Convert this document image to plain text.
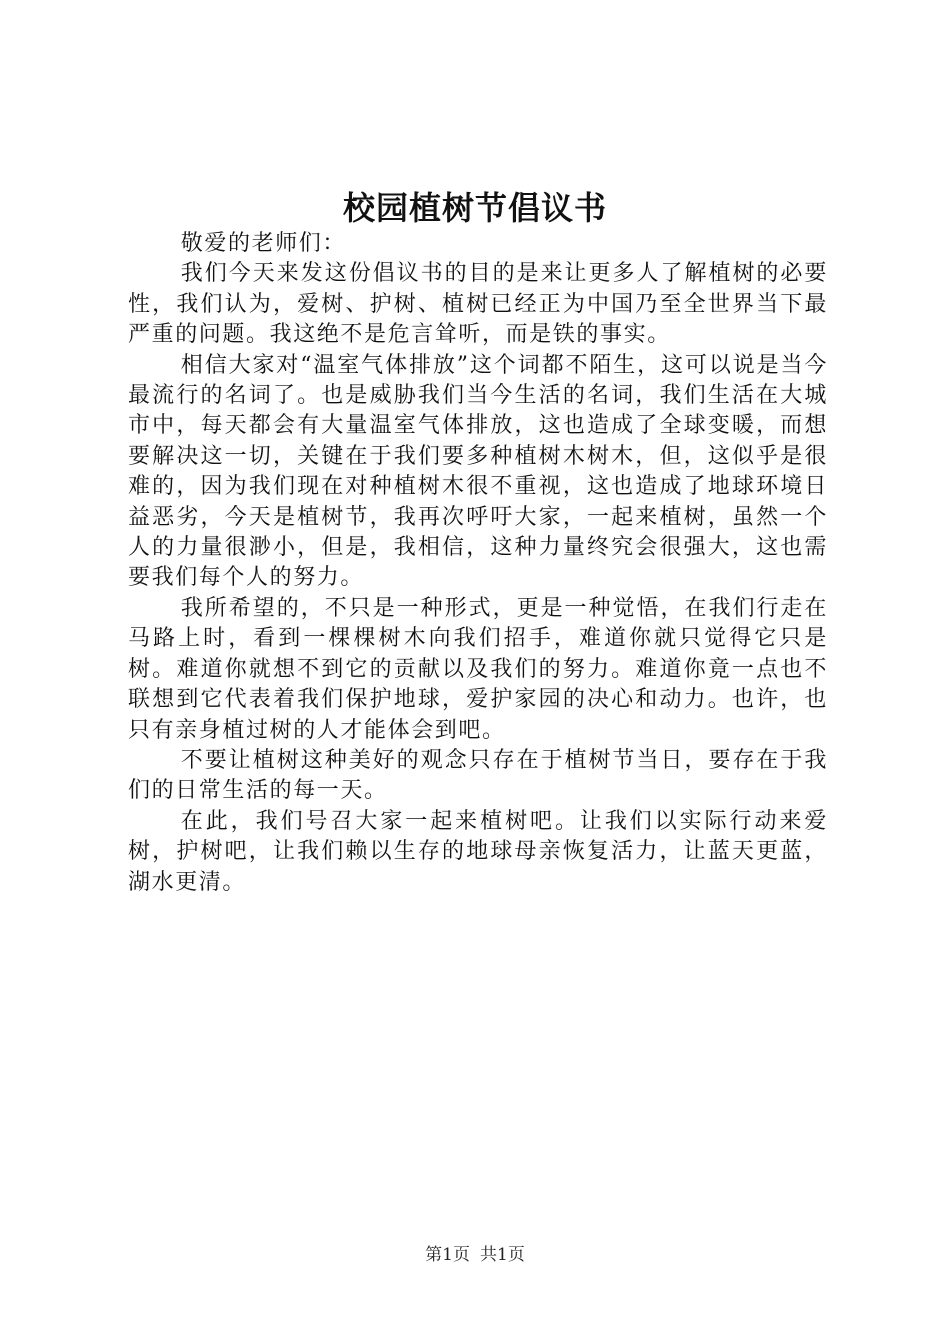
校园植树节倡议书

敬爱的老师们：

我们今天来发这份倡议书的目的是来让更多人了解植树的必要性，我们认为，爱树、护树、植树已经正为中国乃至全世界当下最严重的问题。我这绝不是危言耸听，而是铁的事实。

相信大家对“温室气体排放”这个词都不陌生，这可以说是当今最流行的名词了。也是威胁我们当今生活的名词，我们生活在大城市中，每天都会有大量温室气体排放，这也造成了全球变暖，而想要解决这一切，关键在于我们要多种植树木树木，但，这似乎是很难的，因为我们现在对种植树木很不重视，这也造成了地球环境日益恶劣，今天是植树节，我再次呼吁大家，一起来植树，虽然一个人的力量很渺小，但是，我相信，这种力量终究会很强大，这也需要我们每个人的努力。

我所希望的，不只是一种形式，更是一种觉悟，在我们行走在马路上时，看到一棵棵树木向我们招手，难道你就只觉得它只是树。难道你就想不到它的贡献以及我们的努力。难道你竟一点也不联想到它代表着我们保护地球，爱护家园的决心和动力。也许，也只有亲身植过树的人才能体会到吧。

不要让植树这种美好的观念只存在于植树节当日，要存在于我们的日常生活的每一天。

在此，我们号召大家一起来植树吧。让我们以实际行动来爱树，护树吧，让我们赖以生存的地球母亲恢复活力，让蓝天更蓝，湖水更清。

第1页 共1页
